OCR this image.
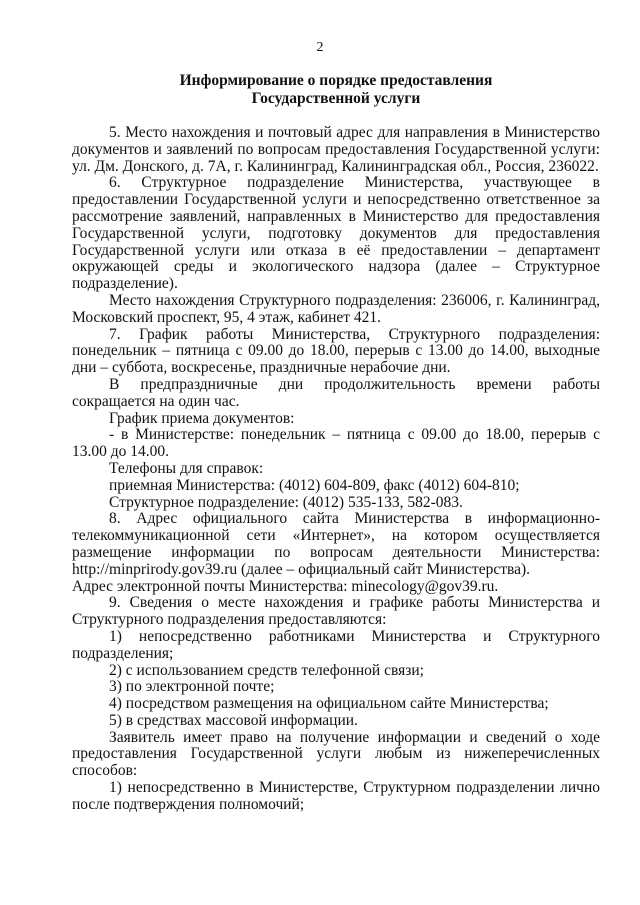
2
Информирование о порядке предоставления
Государственной услуги

5. Место нахождения и почтовый адрес для направления в Министерство документов и заявлений по вопросам предоставления Государственной услуги: ул. Дм. Донского, д. 7А, г. Калининград, Калининградская обл., Россия, 236022.

6. Структурное подразделение Министерства, участвующее в предоставлении Государственной услуги и непосредственно ответственное за рассмотрение заявлений, направленных в Министерство для предоставления Государственной услуги, подготовку документов для предоставления Государственной услуги или отказа в её предоставлении – департамент окружающей среды и экологического надзора (далее – Структурное подразделение).

Место нахождения Структурного подразделения: 236006, г. Калининград, Московский проспект, 95, 4 этаж, кабинет 421.

7. График работы Министерства, Структурного подразделения: понедельник – пятница с 09.00 до 18.00, перерыв с 13.00 до 14.00, выходные дни – суббота, воскресенье, праздничные нерабочие дни.

В предпраздничные дни продолжительность времени работы сокращается на один час.

График приема документов:

- в Министерстве: понедельник – пятница с 09.00 до 18.00, перерыв с 13.00 до 14.00.

Телефоны для справок:

приемная Министерства: (4012) 604-809, факс (4012) 604-810;

Структурное подразделение: (4012) 535-133, 582-083.

8. Адрес официального сайта Министерства в информационно-телекоммуникационной сети «Интернет», на котором осуществляется размещение информации по вопросам деятельности Министерства: http://minprirody.gov39.ru (далее – официальный сайт Министерства).

Адрес электронной почты Министерства: minecology@gov39.ru.

9. Сведения о месте нахождения и графике работы Министерства и Структурного подразделения предоставляются:

1) непосредственно работниками Министерства и Структурного подразделения;

2) с использованием средств телефонной связи;

3) по электронной почте;

4) посредством размещения на официальном сайте Министерства;

5) в средствах массовой информации.

Заявитель имеет право на получение информации и сведений о ходе предоставления Государственной услуги любым из нижеперечисленных способов:

1) непосредственно в Министерстве, Структурном подразделении лично после подтверждения полномочий;
